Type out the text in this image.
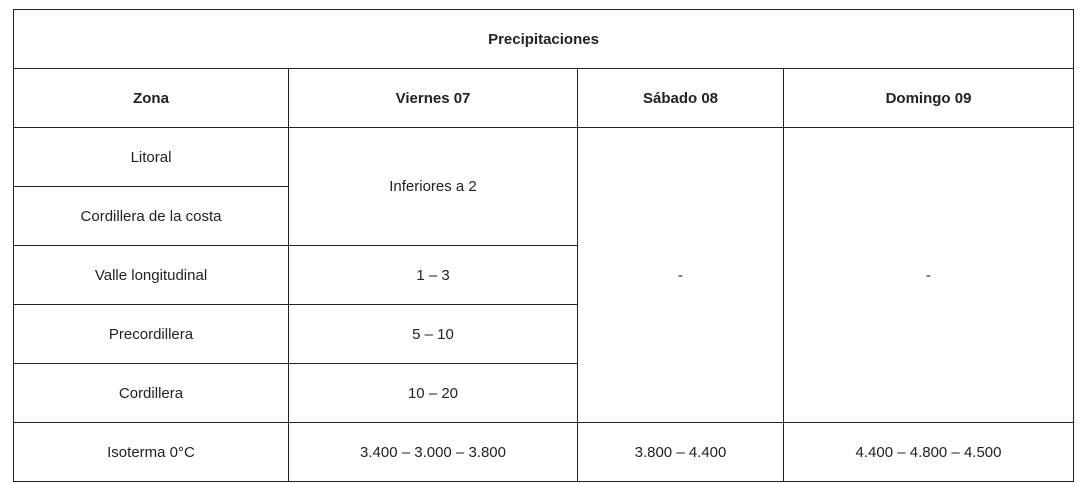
Precipitaciones			
Zona	Viernes 07	Sábado 08	Domingo 09
Litoral	Inferiores a 2	-	-
Cordillera de la costa			
Valle longitudinal	1 – 3		
Precordillera	5 – 10		
Cordillera	10 – 20		
Isoterma 0°C	3.400 – 3.000 – 3.800	3.800 – 4.400	4.400 – 4.800 – 4.500
